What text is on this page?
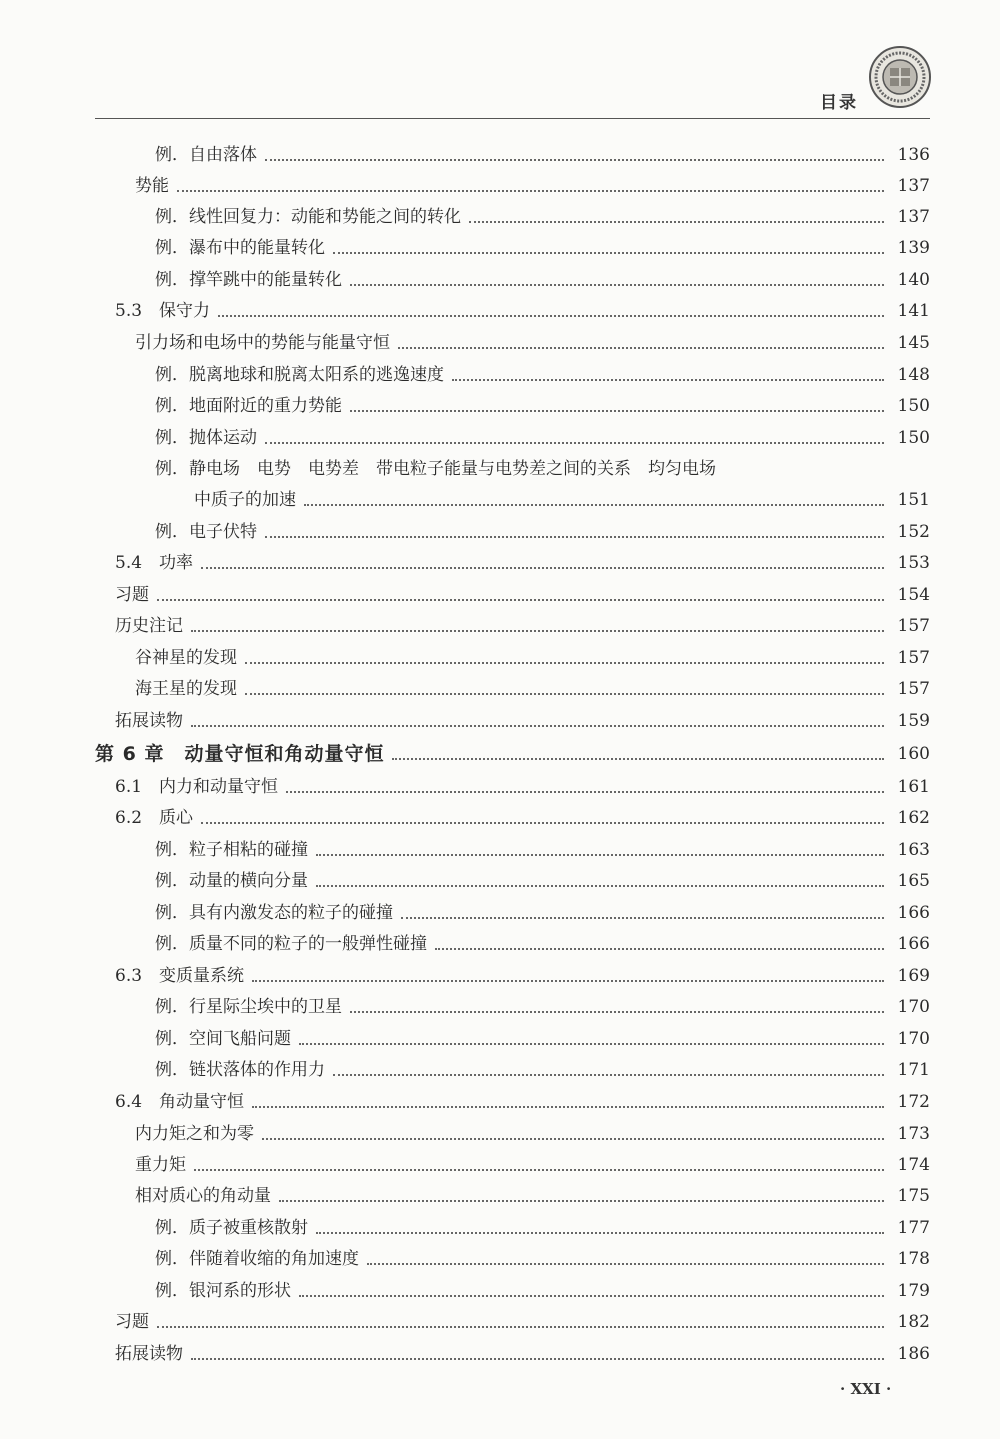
目录
例．自由落体	136
势能	137
例．线性回复力：动能和势能之间的转化	137
例．瀑布中的能量转化	139
例．撑竿跳中的能量转化	140
5.3　保守力	141
引力场和电场中的势能与能量守恒	145
例．脱离地球和脱离太阳系的逃逸速度	148
例．地面附近的重力势能	150
例．抛体运动	150
例．静电场　电势　电势差　带电粒子能量与电势差之间的关系　均匀电场
中质子的加速	151
例．电子伏特	152
5.4　功率	153
习题	154
历史注记	157
谷神星的发现	157
海王星的发现	157
拓展读物	159
第 6 章　动量守恒和角动量守恒	160
6.1　内力和动量守恒	161
6.2　质心	162
例．粒子相粘的碰撞	163
例．动量的横向分量	165
例．具有内激发态的粒子的碰撞	166
例．质量不同的粒子的一般弹性碰撞	166
6.3　变质量系统	169
例．行星际尘埃中的卫星	170
例．空间飞船问题	170
例．链状落体的作用力	171
6.4　角动量守恒	172
内力矩之和为零	173
重力矩	174
相对质心的角动量	175
例．质子被重核散射	177
例．伴随着收缩的角加速度	178
例．银河系的形状	179
习题	182
拓展读物	186
· XXI ·
